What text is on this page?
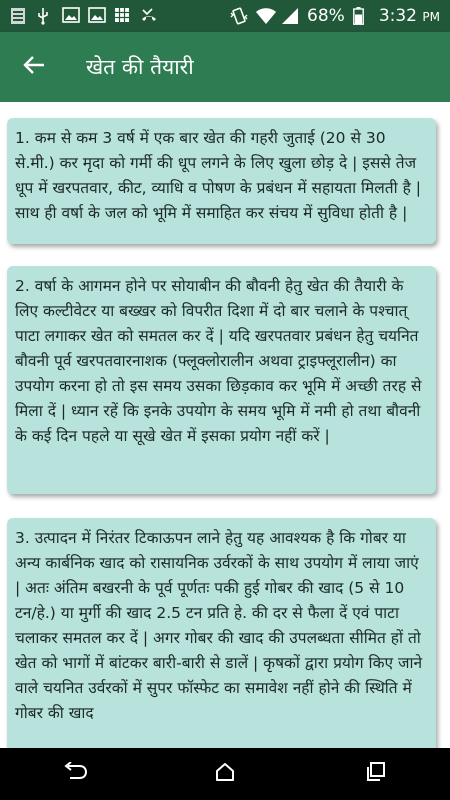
68% 3:32 PM
खेत की तैयारी
1. कम से कम 3 वर्ष में एक बार खेत की गहरी जुताई (20 से 30 से.मी.) कर मृदा को गर्मी की धूप लगने के लिए खुला छोड़ दे | इससे तेज धूप में खरपतवार, कीट, व्याधि व पोषण के प्रबंधन में सहायता मिलती है | साथ ही वर्षा के जल को भूमि में समाहित कर संचय में सुविधा होती है |
2. वर्षा के आगमन होने पर सोयाबीन की बौवनी हेतु खेत की तैयारी के लिए कल्टीवेटर या बख्खर को विपरीत दिशा में दो बार चलाने के पश्चात् पाटा लगाकर खेत को समतल कर दें | यदि खरपतवार प्रबंधन हेतु चयनित बौवनी पूर्व खरपतवारनाशक (फ्लूक्लोरालीन अथवा ट्राइफ्लूरालीन) का उपयोग करना हो तो इस समय उसका छिड़काव कर भूमि में अच्छी तरह से मिला दें | ध्यान रहें कि इनके उपयोग के समय भूमि में नमी हो तथा बौवनी के कई दिन पहले या सूखे खेत में इसका प्रयोग नहीं करें |
3. उत्पादन में निरंतर टिकाऊपन लाने हेतु यह आवश्यक है कि गोबर या अन्य कार्बनिक खाद को रासायनिक उर्वरकों के साथ उपयोग में लाया जाएं | अतः अंतिम बखरनी के पूर्व पूर्णतः पकी हुई गोबर की खाद (5 से 10 टन/हे.) या मुर्गी की खाद 2.5 टन प्रति हे. की दर से फैला दें एवं पाटा चलाकर समतल कर दें | अगर गोबर की खाद की उपलब्धता सीमित हों तो खेत को भागों में बांटकर बारी-बारी से डालें | कृषकों द्वारा प्रयोग किए जाने वाले चयनित उर्वरकों में सुपर फॉस्फेट का समावेश नहीं होने की स्थिति में गोबर की खाद
